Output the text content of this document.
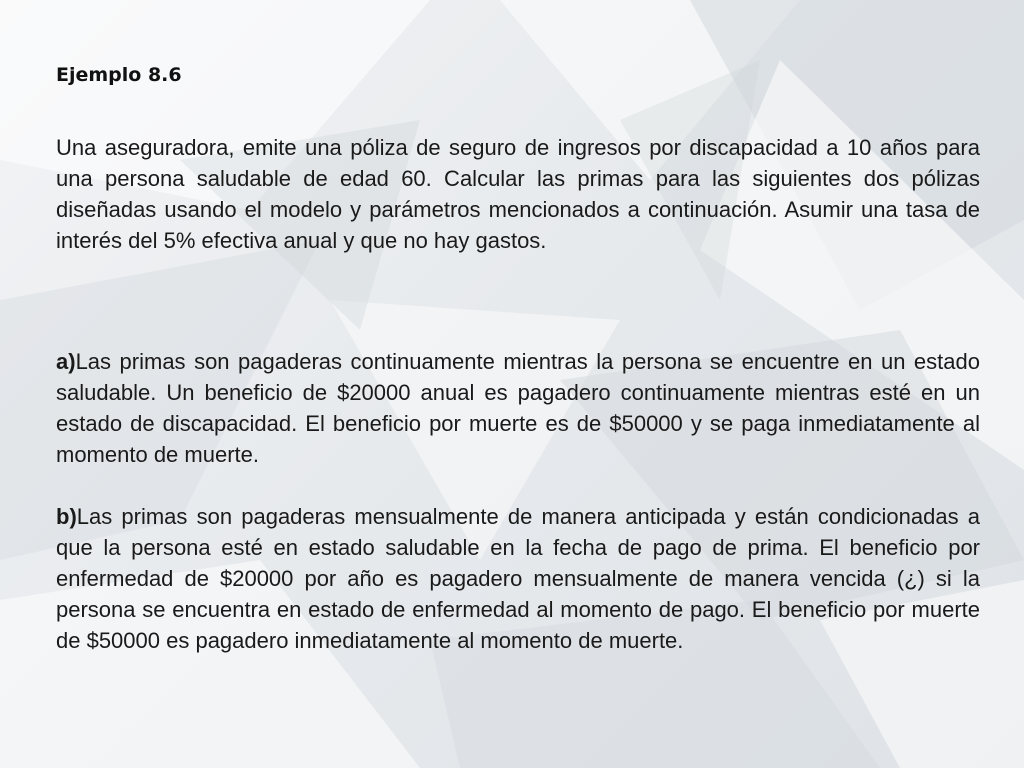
Ejemplo 8.6

Una aseguradora, emite una póliza de seguro de ingresos por discapacidad a 10 años para una persona saludable de edad 60. Calcular las primas para las siguientes dos pólizas diseñadas usando el modelo y parámetros mencionados a continuación. Asumir una tasa de interés del 5% efectiva anual y que no hay gastos.

a)Las primas son pagaderas continuamente mientras la persona se encuentre en un estado saludable. Un beneficio de $20000 anual es pagadero continuamente mientras esté en un estado de discapacidad. El beneficio por muerte es de $50000 y se paga inmediatamente al momento de muerte.

b)Las primas son pagaderas mensualmente de manera anticipada y están condicionadas a que la persona esté en estado saludable en la fecha de pago de prima. El beneficio por enfermedad de $20000 por año es pagadero mensualmente de manera vencida (¿) si la persona se encuentra en estado de enfermedad al momento de pago. El beneficio por muerte de $50000 es pagadero inmediatamente al momento de muerte.
